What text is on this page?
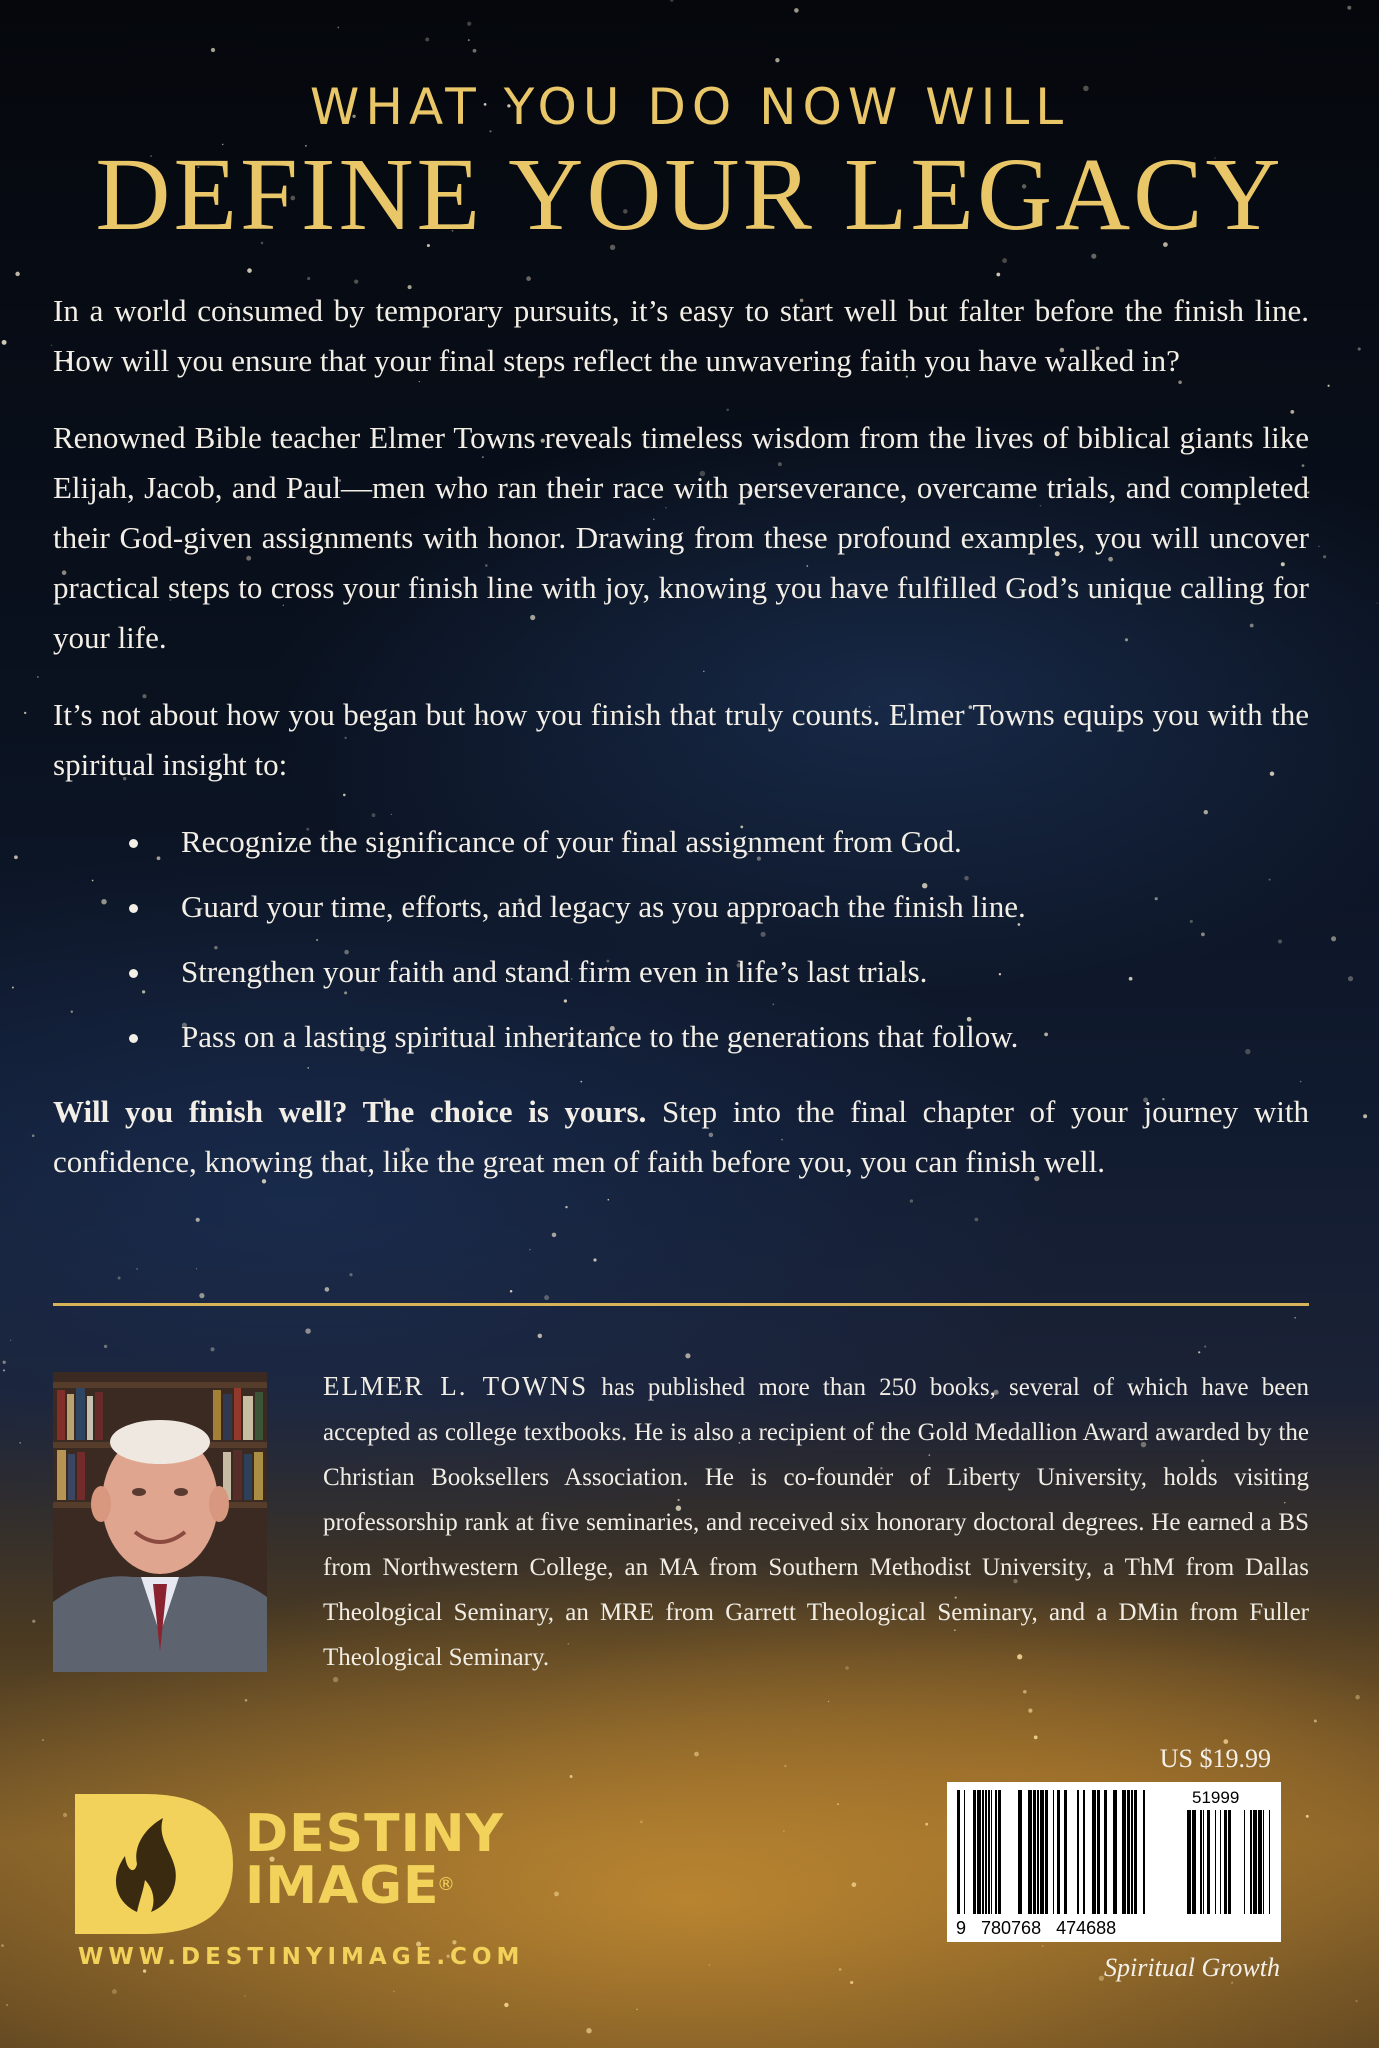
WHAT YOU DO NOW WILL
DEFINE YOUR LEGACY

In a world consumed by temporary pursuits, it’s easy to start well but falter before the finish line. How will you ensure that your final steps reflect the unwavering faith you have walked in?

Renowned Bible teacher Elmer Towns reveals timeless wisdom from the lives of biblical giants like Elijah, Jacob, and Paul—men who ran their race with perseverance, overcame trials, and completed their God-given assignments with honor. Drawing from these profound examples, you will uncover practical steps to cross your finish line with joy, knowing you have fulfilled God’s unique calling for your life.

It’s not about how you began but how you finish that truly counts. Elmer Towns equips you with the spiritual insight to:

Recognize the significance of your final assignment from God.
Guard your time, efforts, and legacy as you approach the finish line.
Strengthen your faith and stand firm even in life’s last trials.
Pass on a lasting spiritual inheritance to the generations that follow.

Will you finish well? The choice is yours. Step into the final chapter of your journey with confidence, knowing that, like the great men of faith before you, you can finish well.

ELMER L. TOWNS has published more than 250 books, several of which have been accepted as college textbooks. He is also a recipient of the Gold Medallion Award awarded by the Christian Booksellers Association. He is co-founder of Liberty University, holds visiting professorship rank at five seminaries, and received six honorary doctoral degrees. He earned a BS from Northwestern College, an MA from Southern Methodist University, a ThM from Dallas Theological Seminary, an MRE from Garrett Theological Seminary, and a DMin from Fuller Theological Seminary.
DESTINY
IMAGE
®
WWW.DESTINYIMAGE.COM
US $19.99
51999
9   780768   474688
Spiritual Growth
